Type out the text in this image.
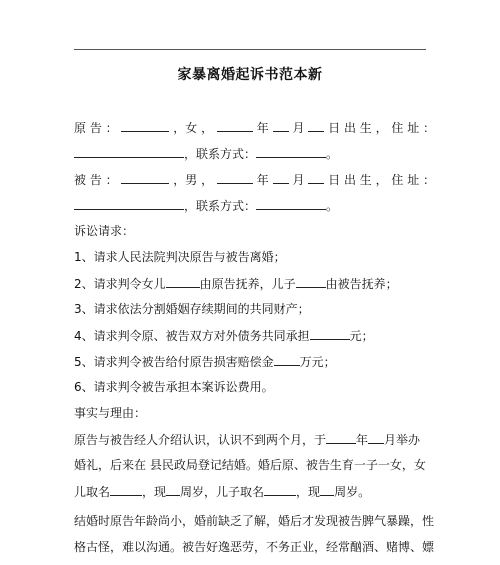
家暴离婚起诉书范本新
原 告 ：	，女 ，	年 月 日 出 生 ， 住 址 ：
，联系方式：	。
被 告 ：	，男 ，	年 月 日 出 生 ， 住 址 ：
，联系方式：	。
诉讼请求：
1、请求人民法院判决原告与被告离婚；
2、请求判令女儿	由原告抚养，儿子	由被告抚养；
3、请求依法分割婚姻存续期间的共同财产；
4、请求判令原、被告双方对外债务共同承担	元；
5、请求判令被告给付原告损害赔偿金 万元；
6、请求判令被告承担本案诉讼费用。
事实与理由：
原告与被告经人介绍认识，认识不到两个月，于	年 月举办
婚礼，后来在 县民政局登记结婚。婚后原、被告生育一子一女，女
儿取名	，现 周岁，儿子取名	，现 周岁。
结婚时原告年龄尚小，婚前缺乏了解，婚后才发现被告脾气暴躁，性
格古怪，难以沟通。被告好逸恶劳，不务正业，经常酗酒、赌博、嫖
